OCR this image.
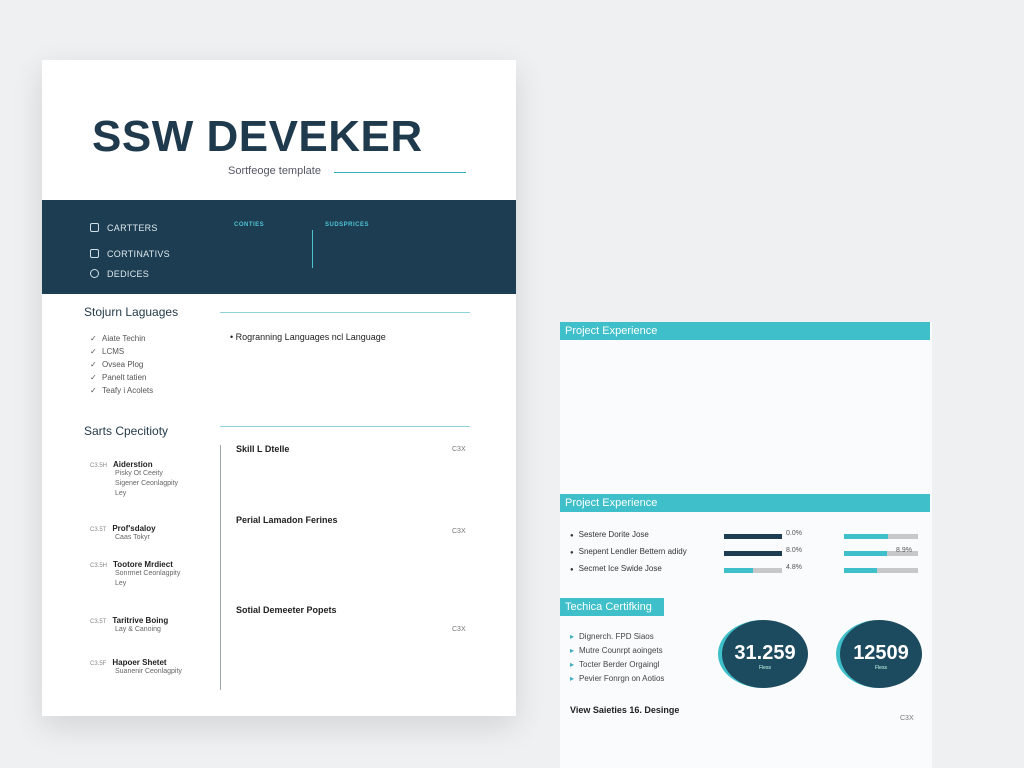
SSW DEVEKER
Sortfeoge template
CARTTERS
CORTINATIVS
DEDICES
CONTIES	SUDSPRICES
Stojurn Laguages
✓ Aiate Techin
✓ LCMS
✓ Ovsea Plog
✓ Panelt tatien
✓ Teafy i Acolets
• Rogranning Languages ncl Language
Sarts Cpecitioty
C3.5H Aiderstion
Pisky Ot Ceeity
Sigener Ceonlagpity
Ley
C3.5T Prof'sdaloy
Caas Tokyr
C3.5H Tootore Mrdiect
Sonrmet Ceonlagpity
Ley
C3.5T Taritrive Boing
Lay & Canoing
C3.5F Hapoer Shetet
Suanenir Ceonlagpity
Skill L Dtelle	C3X
Perial Lamadon Ferines
C3X
Sotial Demeeter Popets
C3X
Project Experience
Project Experience
● Sestere Dorite Jose	0.0%
● Snepent Lendler Bettern adidy	8.0%	8.9%
● Secmet Ice Swide Jose	4.8%
Techica Certifking
▸ Dignerch. FPD Siaos
▸ Mutre Counrpt aoingets
▸ Tocter Berder Orgaingl
▸ Pevier Fonrgn on Aotios
31.259
Fless
12509
Fless
View Saieties 16. Desinge
C3X
